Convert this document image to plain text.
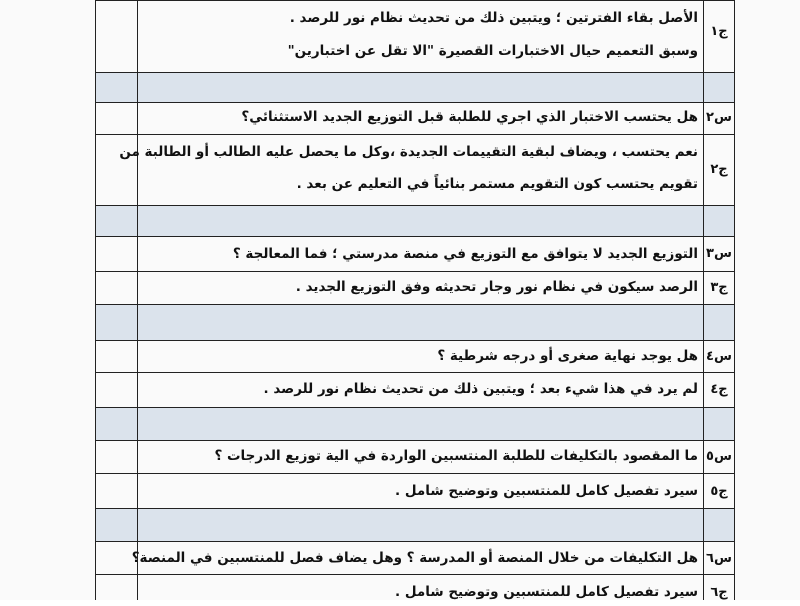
ج١
الأصل بقاء الفترتين ؛ ويتبين ذلك من تحديث نظام نور للرصد .
وسبق التعميم حيال الاختبارات القصيرة "الا تقل عن اختبارين"
س٢
هل يحتسب الاختبار الذي اجري للطلبة قبل التوزيع الجديد الاستثنائي؟
ج٢
نعم يحتسب ، ويضاف لبقية التقييمات الجديدة ،وكل ما يحصل عليه الطالب أو الطالبة من
تقويم يحتسب كون التقويم مستمر بنائياً في التعليم عن بعد .
س٣
التوزيع الجديد لا يتوافق مع التوزيع في منصة مدرستي ؛ فما المعالجة ؟
ج٣
الرصد سيكون في نظام نور وجار تحديثه وفق التوزيع الجديد .
س٤
هل يوجد نهاية صغرى أو درجه شرطية ؟
ج٤
لم يرد في هذا شيء بعد ؛ ويتبين ذلك من تحديث نظام نور للرصد .
س٥
ما المقصود بالتكليفات للطلبة المنتسبين الواردة في الية توزيع الدرجات ؟
ج٥
سيرد تفصيل كامل للمنتسبين وتوضيح شامل .
س٦
هل التكليفات من خلال المنصة أو المدرسة ؟ وهل يضاف فصل للمنتسبين في المنصة؟
ج٦
سيرد تفصيل كامل للمنتسبين وتوضيح شامل .
